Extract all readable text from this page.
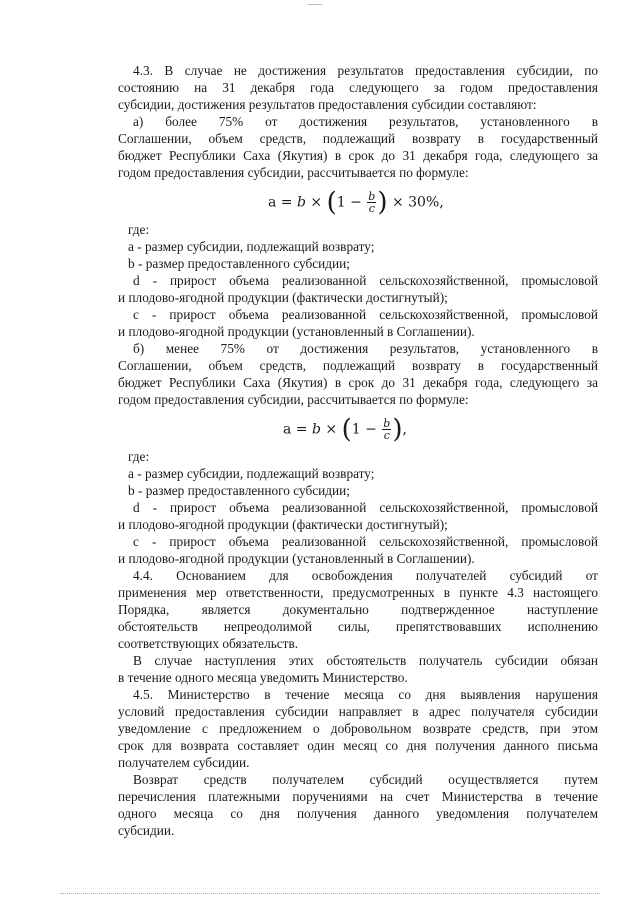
4.3. В случае не достижения результатов предоставления субсидии, по
состоянию на 31 декабря года следующего за годом предоставления
субсидии, достижения результатов предоставления субсидии составляют:
а) более 75% от достижения результатов, установленного в
Соглашении, объем средств, подлежащий возврату в государственный
бюджет Республики Саха (Якутия) в срок до 31 декабря года, следующего за
годом предоставления субсидии, рассчитывается по формуле:
$a = b \times (1 - \frac{b}{c}$ ) × 30%,
где:
a - размер субсидии, подлежащий возврату;
b - размер предоставленного субсидии;
d - прирост объема реализованной сельскохозяйственной, промысловой
и плодово-ягодной продукции (фактически достигнутый);
c - прирост объема реализованной сельскохозяйственной, промысловой
и плодово-ягодной продукции (установленный в Соглашении).
б) менее 75% от достижения результатов, установленного в
Соглашении, объем средств, подлежащий возврату в государственный
бюджет Республики Саха (Якутия) в срок до 31 декабря года, следующего за
годом предоставления субсидии, рассчитывается по формуле:
$a = b \times (1 - \frac{b}{c}$ ),
где:
a - размер субсидии, подлежащий возврату;
b - размер предоставленного субсидии;
d - прирост объема реализованной сельскохозяйственной, промысловой
и плодово-ягодной продукции (фактически достигнутый);
c - прирост объема реализованной сельскохозяйственной, промысловой
и плодово-ягодной продукции (установленный в Соглашении).
4.4. Основанием для освобождения получателей субсидий от
применения мер ответственности, предусмотренных в пункте 4.3 настоящего
Порядка, является документально подтвержденное наступление
обстоятельств непреодолимой силы, препятствовавших исполнению
соответствующих обязательств.
В случае наступления этих обстоятельств получатель субсидии обязан
в течение одного месяца уведомить Министерство.
4.5. Министерство в течение месяца со дня выявления нарушения
условий предоставления субсидии направляет в адрес получателя субсидии
уведомление с предложением о добровольном возврате средств, при этом
срок для возврата составляет один месяц со дня получения данного письма
получателем субсидии.
Возврат средств получателем субсидий осуществляется путем
перечисления платежными поручениями на счет Министерства в течение
одного месяца со дня получения данного уведомления получателем
субсидии.
